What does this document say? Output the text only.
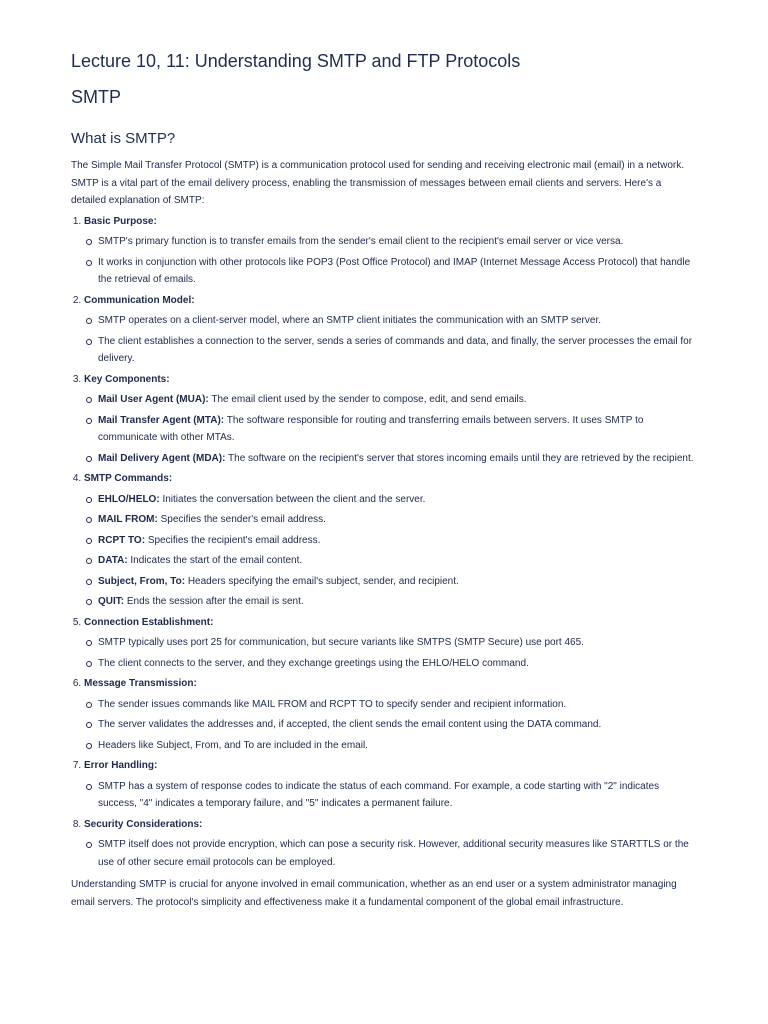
Lecture 10, 11: Understanding SMTP and FTP Protocols
SMTP
What is SMTP?

The Simple Mail Transfer Protocol (SMTP) is a communication protocol used for sending and receiving electronic mail (email) in a network. SMTP is a vital part of the email delivery process, enabling the transmission of messages between email clients and servers. Here's a detailed explanation of SMTP:

1. Basic Purpose:
SMTP's primary function is to transfer emails from the sender's email client to the recipient's email server or vice versa.
It works in conjunction with other protocols like POP3 (Post Office Protocol) and IMAP (Internet Message Access Protocol) that handle the retrieval of emails.
2. Communication Model:
SMTP operates on a client-server model, where an SMTP client initiates the communication with an SMTP server.
The client establishes a connection to the server, sends a series of commands and data, and finally, the server processes the email for delivery.
3. Key Components:
Mail User Agent (MUA): The email client used by the sender to compose, edit, and send emails.
Mail Transfer Agent (MTA): The software responsible for routing and transferring emails between servers. It uses SMTP to communicate with other MTAs.
Mail Delivery Agent (MDA): The software on the recipient's server that stores incoming emails until they are retrieved by the recipient.
4. SMTP Commands:
EHLO/HELO: Initiates the conversation between the client and the server.
MAIL FROM: Specifies the sender's email address.
RCPT TO: Specifies the recipient's email address.
DATA: Indicates the start of the email content.
Subject, From, To: Headers specifying the email's subject, sender, and recipient.
QUIT: Ends the session after the email is sent.
5. Connection Establishment:
SMTP typically uses port 25 for communication, but secure variants like SMTPS (SMTP Secure) use port 465.
The client connects to the server, and they exchange greetings using the EHLO/HELO command.
6. Message Transmission:
The sender issues commands like MAIL FROM and RCPT TO to specify sender and recipient information.
The server validates the addresses and, if accepted, the client sends the email content using the DATA command.
Headers like Subject, From, and To are included in the email.
7. Error Handling:
SMTP has a system of response codes to indicate the status of each command. For example, a code starting with "2" indicates success, "4" indicates a temporary failure, and "5" indicates a permanent failure.
8. Security Considerations:
SMTP itself does not provide encryption, which can pose a security risk. However, additional security measures like STARTTLS or the use of other secure email protocols can be employed.

Understanding SMTP is crucial for anyone involved in email communication, whether as an end user or a system administrator managing email servers. The protocol's simplicity and effectiveness make it a fundamental component of the global email infrastructure.
